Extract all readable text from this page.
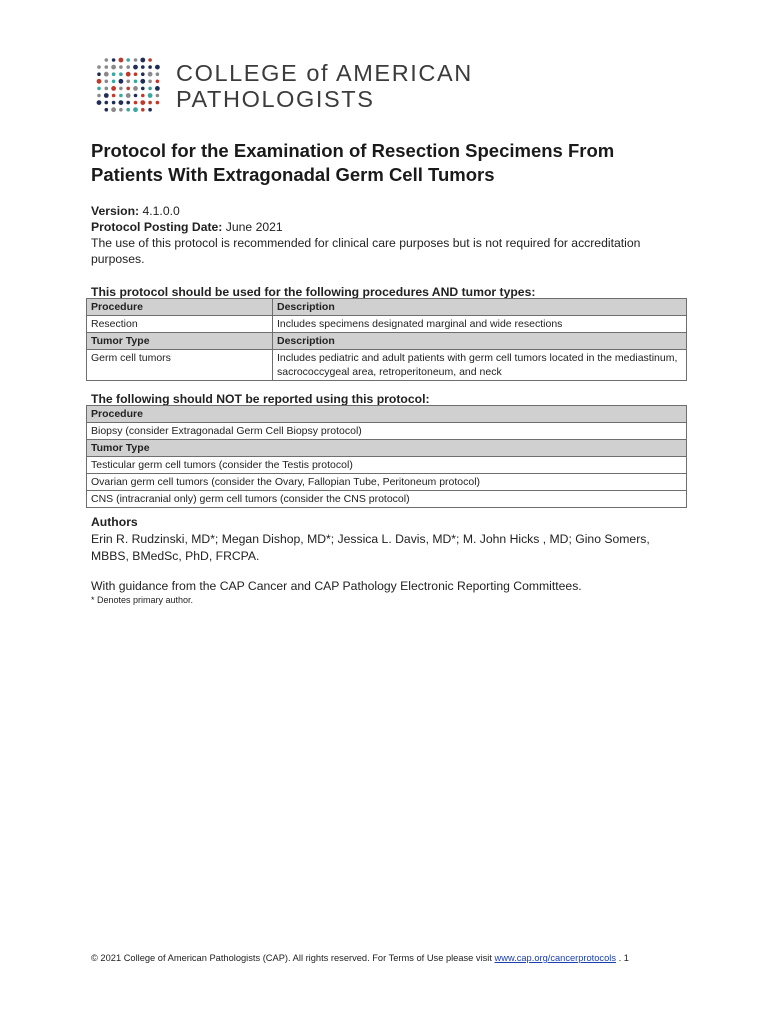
COLLEGE of AMERICAN
PATHOLOGISTS
Protocol for the Examination of Resection Specimens From Patients With Extragonadal Germ Cell Tumors

Version: 4.1.0.0

Protocol Posting Date: June 2021

The use of this protocol is recommended for clinical care purposes but is not required for accreditation purposes.

This protocol should be used for the following procedures AND tumor types:

Procedure	Description
Resection	Includes specimens designated marginal and wide resections
Tumor Type	Description
Germ cell tumors	Includes pediatric and adult patients with germ cell tumors located in the mediastinum, sacrococcygeal area, retroperitoneum, and neck

The following should NOT be reported using this protocol:

Procedure
Biopsy (consider Extragonadal Germ Cell Biopsy protocol)
Tumor Type
Testicular germ cell tumors (consider the Testis protocol)
Ovarian germ cell tumors (consider the Ovary, Fallopian Tube, Peritoneum protocol)
CNS (intracranial only) germ cell tumors (consider the CNS protocol)

Authors

Erin R. Rudzinski, MD*; Megan Dishop, MD*; Jessica L. Davis, MD*; M. John Hicks , MD; Gino Somers, MBBS, BMedSc, PhD, FRCPA.

With guidance from the CAP Cancer and CAP Pathology Electronic Reporting Committees.

* Denotes primary author.

© 2021 College of American Pathologists (CAP). All rights reserved. For Terms of Use please visit www.cap.org/cancerprotocols . 1
